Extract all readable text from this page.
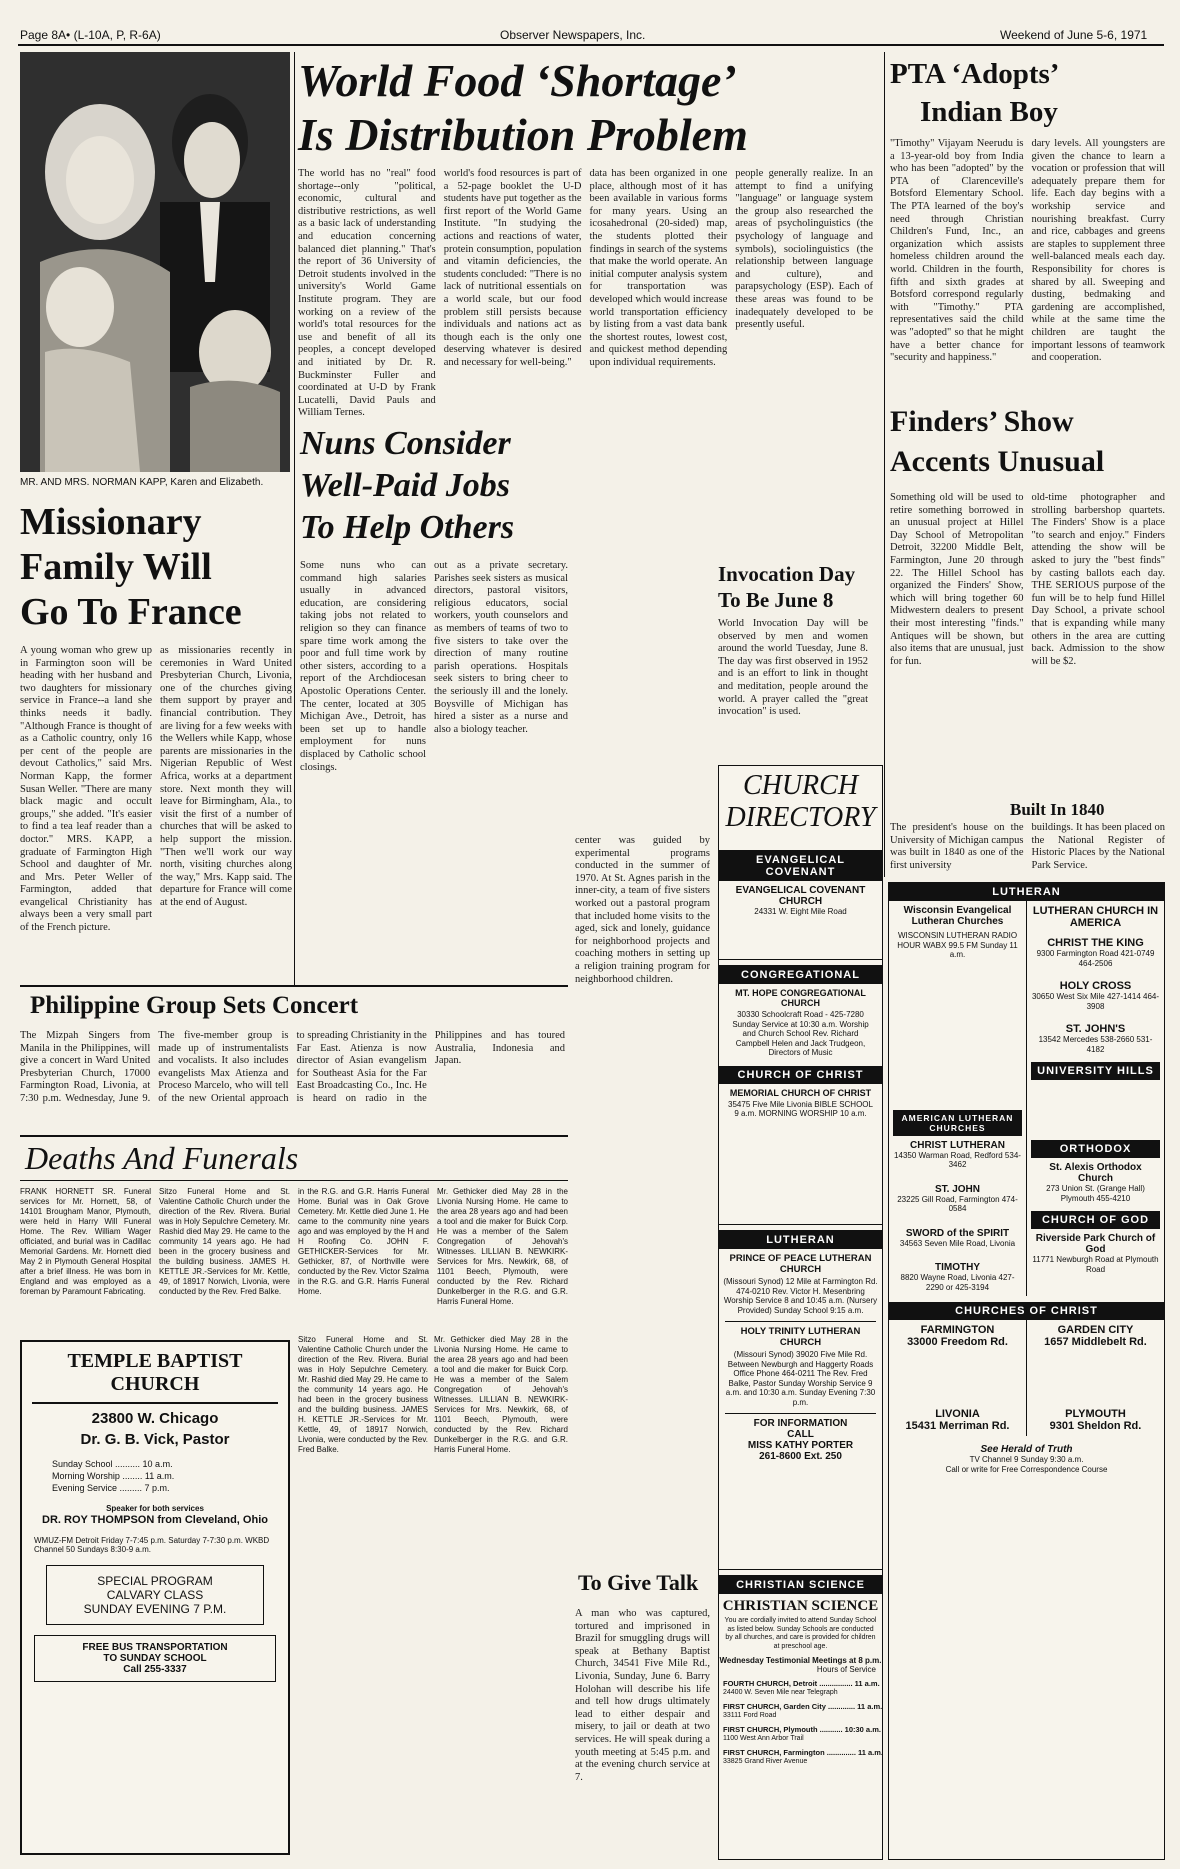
Page 8A• (L-10A, P, R-6A)	Observer Newspapers, Inc.	Weekend of June 5-6, 1971
MR. AND MRS. NORMAN KAPP, Karen and Elizabeth.
Missionary
Family Will
Go To France
A young woman who grew up in Farmington soon will be heading with her husband and two daughters for missionary service in France--a land she thinks needs it badly. "Although France is thought of as a Catholic country, only 16 per cent of the people are devout Catholics," said Mrs. Norman Kapp, the former Susan Weller. "There are many black magic and occult groups," she added. "It's easier to find a tea leaf reader than a doctor." MRS. KAPP, a graduate of Farmington High School and daughter of Mr. and Mrs. Peter Weller of Farmington, added that evangelical Christianity has always been a very small part of the French picture.
as missionaries recently in ceremonies in Ward United Presbyterian Church, Livonia, one of the churches giving them support by prayer and financial contribution. They are living for a few weeks with the Wellers while Kapp, whose parents are missionaries in the Nigerian Republic of West Africa, works at a department store. Next month they will leave for Birmingham, Ala., to visit the first of a number of churches that will be asked to help support the mission. "Then we'll work our way north, visiting churches along the way," Mrs. Kapp said. The departure for France will come at the end of August.
World Food ‘Shortage’
Is Distribution Problem
The world has no "real" food shortage--only "political, economic, cultural and distributive restrictions, as well as a basic lack of understanding and education concerning balanced diet planning." That's the report of 36 University of Detroit students involved in the university's World Game Institute program. They are working on a review of the world's total resources for the use and benefit of all its peoples, a concept developed and initiated by Dr. R. Buckminster Fuller and coordinated at U-D by Frank Lucatelli, David Pauls and William Ternes.
world's food resources is part of a 52-page booklet the U-D students have put together as the first report of the World Game Institute. "In studying the actions and reactions of water, protein consumption, population and vitamin deficiencies, the students concluded: "There is no lack of nutritional essentials on a world scale, but our food problem still persists because individuals and nations act as though each is the only one deserving whatever is desired and necessary for well-being."
data has been organized in one place, although most of it has been available in various forms for many years. Using an icosahedronal (20-sided) map, the students plotted their findings in search of the systems that make the world operate. An initial computer analysis system for transportation was developed which would increase world transportation efficiency by listing from a vast data bank the shortest routes, lowest cost, and quickest method depending upon individual requirements.
people generally realize. In an attempt to find a unifying "language" or language system the group also researched the areas of psycholinguistics (the psychology of language and symbols), sociolinguistics (the relationship between language and culture), and parapsychology (ESP). Each of these areas was found to be inadequately developed to be presently useful.
Nuns Consider
Well-Paid Jobs
To Help Others
Some nuns who can command high salaries usually in advanced education, are considering taking jobs not related to religion so they can finance spare time work among the poor and full time work by other sisters, according to a report of the Archdiocesan Apostolic Operations Center. The center, located at 305 Michigan Ave., Detroit, has been set up to handle employment for nuns displaced by Catholic school closings.
out as a private secretary. Parishes seek sisters as musical directors, pastoral visitors, religious educators, social workers, youth counselors and as members of teams of two to five sisters to take over the direction of many routine parish operations. Hospitals seek sisters to bring cheer to the seriously ill and the lonely. Boysville of Michigan has hired a sister as a nurse and also a biology teacher.
center was guided by experimental programs conducted in the summer of 1970. At St. Agnes parish in the inner-city, a team of five sisters worked out a pastoral program that included home visits to the aged, sick and lonely, guidance for neighborhood projects and coaching mothers in setting up a religion training program for neighborhood children.
Invocation Day
To Be June 8
World Invocation Day will be observed by men and women around the world Tuesday, June 8. The day was first observed in 1952 and is an effort to link in thought and meditation, people around the world. A prayer called the "great invocation" is used.
Philippine Group Sets Concert
The Mizpah Singers from Manila in the Philippines, will give a concert in Ward United Presbyterian Church, 17000 Farmington Road, Livonia, at 7:30 p.m. Wednesday, June 9. The five-member group is made up of instrumentalists and vocalists. It also includes evangelists Max Atienza and Proceso Marcelo, who will tell of the new Oriental approach to spreading Christianity in the Far East. Atienza is now director of Asian evangelism for Southeast Asia for the Far East Broadcasting Co., Inc. He is heard on radio in the Philippines and has toured Australia, Indonesia and Japan.
Deaths And Funerals
FRANK HORNETT SR. Funeral services for Mr. Hornett, 58, of 14101 Brougham Manor, Plymouth, were held in Harry Will Funeral Home. The Rev. William Wager officiated, and burial was in Cadillac Memorial Gardens. Mr. Hornett died May 2 in Plymouth General Hospital after a brief illness. He was born in England and was employed as a foreman by Paramount Fabricating.
Sitzo Funeral Home and St. Valentine Catholic Church under the direction of the Rev. Rivera. Burial was in Holy Sepulchre Cemetery. Mr. Rashid died May 29. He came to the community 14 years ago. He had been in the grocery business and the building business. JAMES H. KETTLE JR.-Services for Mr. Kettle, 49, of 18917 Norwich, Livonia, were conducted by the Rev. Fred Balke.
in the R.G. and G.R. Harris Funeral Home. Burial was in Oak Grove Cemetery. Mr. Kettle died June 1. He came to the community nine years ago and was employed by the H and H Roofing Co. JOHN F. GETHICKER-Services for Mr. Gethicker, 87, of Northville were conducted by the Rev. Victor Szalma in the R.G. and G.R. Harris Funeral Home.
Mr. Gethicker died May 28 in the Livonia Nursing Home. He came to the area 28 years ago and had been a tool and die maker for Buick Corp. He was a member of the Salem Congregation of Jehovah's Witnesses. LILLIAN B. NEWKIRK-Services for Mrs. Newkirk, 68, of 1101 Beech, Plymouth, were conducted by the Rev. Richard Dunkelberger in the R.G. and G.R. Harris Funeral Home.
Mr. Gethicker died May 28 in the Livonia Nursing Home. He came to the area 28 years ago and had been a tool and die maker for Buick Corp. He was a member of the Salem Congregation of Jehovah's Witnesses. LILLIAN B. NEWKIRK-Services for Mrs. Newkirk, 68, of 1101 Beech, Plymouth, were conducted by the Rev. Richard Dunkelberger in the R.G. and G.R. Harris Funeral Home.
TEMPLE BAPTIST CHURCH
23800 W. Chicago
Dr. G. B. Vick, Pastor
Sunday School .......... 10 a.m.
Morning Worship ........ 11 a.m.
Evening Service ......... 7 p.m.
Speaker for both services
DR. ROY THOMPSON from Cleveland, Ohio
WMUZ-FM Detroit Friday 7-7:45 p.m. Saturday 7-7:30 p.m. WKBD Channel 50 Sundays 8:30-9 a.m.
SPECIAL PROGRAM
CALVARY CLASS
SUNDAY EVENING 7 P.M.
FREE BUS TRANSPORTATION
TO SUNDAY SCHOOL
Call 255-3337
Sitzo Funeral Home and St. Valentine Catholic Church under the direction of the Rev. Rivera. Burial was in Holy Sepulchre Cemetery. Mr. Rashid died May 29. He came to the community 14 years ago. He had been in the grocery business and the building business. JAMES H. KETTLE JR.-Services for Mr. Kettle, 49, of 18917 Norwich, Livonia, were conducted by the Rev. Fred Balke.
To Give Talk
A man who was captured, tortured and imprisoned in Brazil for smuggling drugs will speak at Bethany Baptist Church, 34541 Five Mile Rd., Livonia, Sunday, June 6. Barry Holohan will describe his life and tell how drugs ultimately lead to either despair and misery, to jail or death at two services. He will speak during a youth meeting at 5:45 p.m. and at the evening church service at 7.
CHURCH
DIRECTORY
EVANGELICAL COVENANT
EVANGELICAL COVENANT CHURCH
24331 W. Eight Mile Road
CONGREGATIONAL
MT. HOPE CONGREGATIONAL CHURCH
30330 Schoolcraft Road - 425-7280 Sunday Service at 10:30 a.m. Worship and Church School Rev. Richard Campbell Helen and Jack Trudgeon, Directors of Music
CHURCH OF CHRIST
MEMORIAL CHURCH OF CHRIST
35475 Five Mile Livonia BIBLE SCHOOL 9 a.m. MORNING WORSHIP 10 a.m.
LUTHERAN
PRINCE OF PEACE LUTHERAN CHURCH
(Missouri Synod) 12 Mile at Farmington Rd. 474-0210 Rev. Victor H. Mesenbring Worship Service 8 and 10:45 a.m. (Nursery Provided) Sunday School 9:15 a.m.
HOLY TRINITY LUTHERAN CHURCH
(Missouri Synod) 39020 Five Mile Rd. Between Newburgh and Haggerty Roads Office Phone 464-0211 The Rev. Fred Balke, Pastor Sunday Worship Service 9 a.m. and 10:30 a.m. Sunday Evening 7:30 p.m.
FOR INFORMATION
CALL
MISS KATHY PORTER
261-8600 Ext. 250
CHRISTIAN SCIENCE
CHRISTIAN SCIENCE
You are cordially invited to attend Sunday School as listed below. Sunday Schools are conducted by all churches, and care is provided for children at preschool age.
Wednesday Testimonial Meetings at 8 p.m.
Hours of Service
FOURTH CHURCH, Detroit ................ 11 a.m.
24400 W. Seven Mile near Telegraph
FIRST CHURCH, Garden City ............. 11 a.m.
33111 Ford Road
FIRST CHURCH, Plymouth ........... 10:30 a.m.
1100 West Ann Arbor Trail
FIRST CHURCH, Farmington .............. 11 a.m.
33825 Grand River Avenue
PTA ‘Adopts’
Indian Boy
"Timothy" Vijayam Neerudu is a 13-year-old boy from India who has been "adopted" by the PTA of Clarenceville's Botsford Elementary School. The PTA learned of the boy's need through Christian Children's Fund, Inc., an organization which assists homeless children around the world. Children in the fourth, fifth and sixth grades at Botsford correspond regularly with "Timothy." PTA representatives said the child was "adopted" so that he might have a better chance for "security and happiness."
dary levels. All youngsters are given the chance to learn a vocation or profession that will adequately prepare them for life. Each day begins with a workship service and nourishing breakfast. Curry and rice, cabbages and greens are staples to supplement three well-balanced meals each day. Responsibility for chores is shared by all. Sweeping and dusting, bedmaking and gardening are accomplished, while at the same time the children are taught the important lessons of teamwork and cooperation.
Finders’ Show
Accents Unusual
Something old will be used to retire something borrowed in an unusual project at Hillel Day School of Metropolitan Detroit, 32200 Middle Belt, Farmington, June 20 through 22. The Hillel School has organized the Finders' Show, which will bring together 60 Midwestern dealers to present their most interesting "finds." Antiques will be shown, but also items that are unusual, just for fun.
old-time photographer and strolling barbershop quartets. The Finders' Show is a place "to search and enjoy." Finders attending the show will be asked to jury the "best finds" by casting ballots each day. THE SERIOUS purpose of the fun will be to help fund Hillel Day School, a private school that is expanding while many others in the area are cutting back. Admission to the show will be $2.
Built In 1840
The president's house on the University of Michigan campus was built in 1840 as one of the first university
buildings. It has been placed on the National Register of Historic Places by the National Park Service.
LUTHERAN
Wisconsin Evangelical Lutheran Churches
WISCONSIN LUTHERAN RADIO HOUR WABX 99.5 FM Sunday 11 a.m.
AMERICAN LUTHERAN CHURCHES
CHRIST LUTHERAN
14350 Warman Road, Redford 534-3462
ST. JOHN
23225 Gill Road, Farmington 474-0584
SWORD of the SPIRIT
34563 Seven Mile Road, Livonia
TIMOTHY
8820 Wayne Road, Livonia 427-2290 or 425-3194
LUTHERAN CHURCH IN AMERICA
CHRIST THE KING
9300 Farmington Road 421-0749 464-2506
HOLY CROSS
30650 West Six Mile 427-1414 464-3908
ST. JOHN'S
13542 Mercedes 538-2660 531-4182
UNIVERSITY HILLS
ORTHODOX
St. Alexis Orthodox Church
273 Union St. (Grange Hall) Plymouth 455-4210
CHURCH OF GOD
Riverside Park Church of God
11771 Newburgh Road at Plymouth Road
CHURCHES OF CHRIST
FARMINGTON
33000 Freedom Rd.
LIVONIA
15431 Merriman Rd.
GARDEN CITY
1657 Middlebelt Rd.
PLYMOUTH
9301 Sheldon Rd.
See Herald of Truth
TV Channel 9 Sunday 9:30 a.m.
Call or write for Free Correspondence Course
